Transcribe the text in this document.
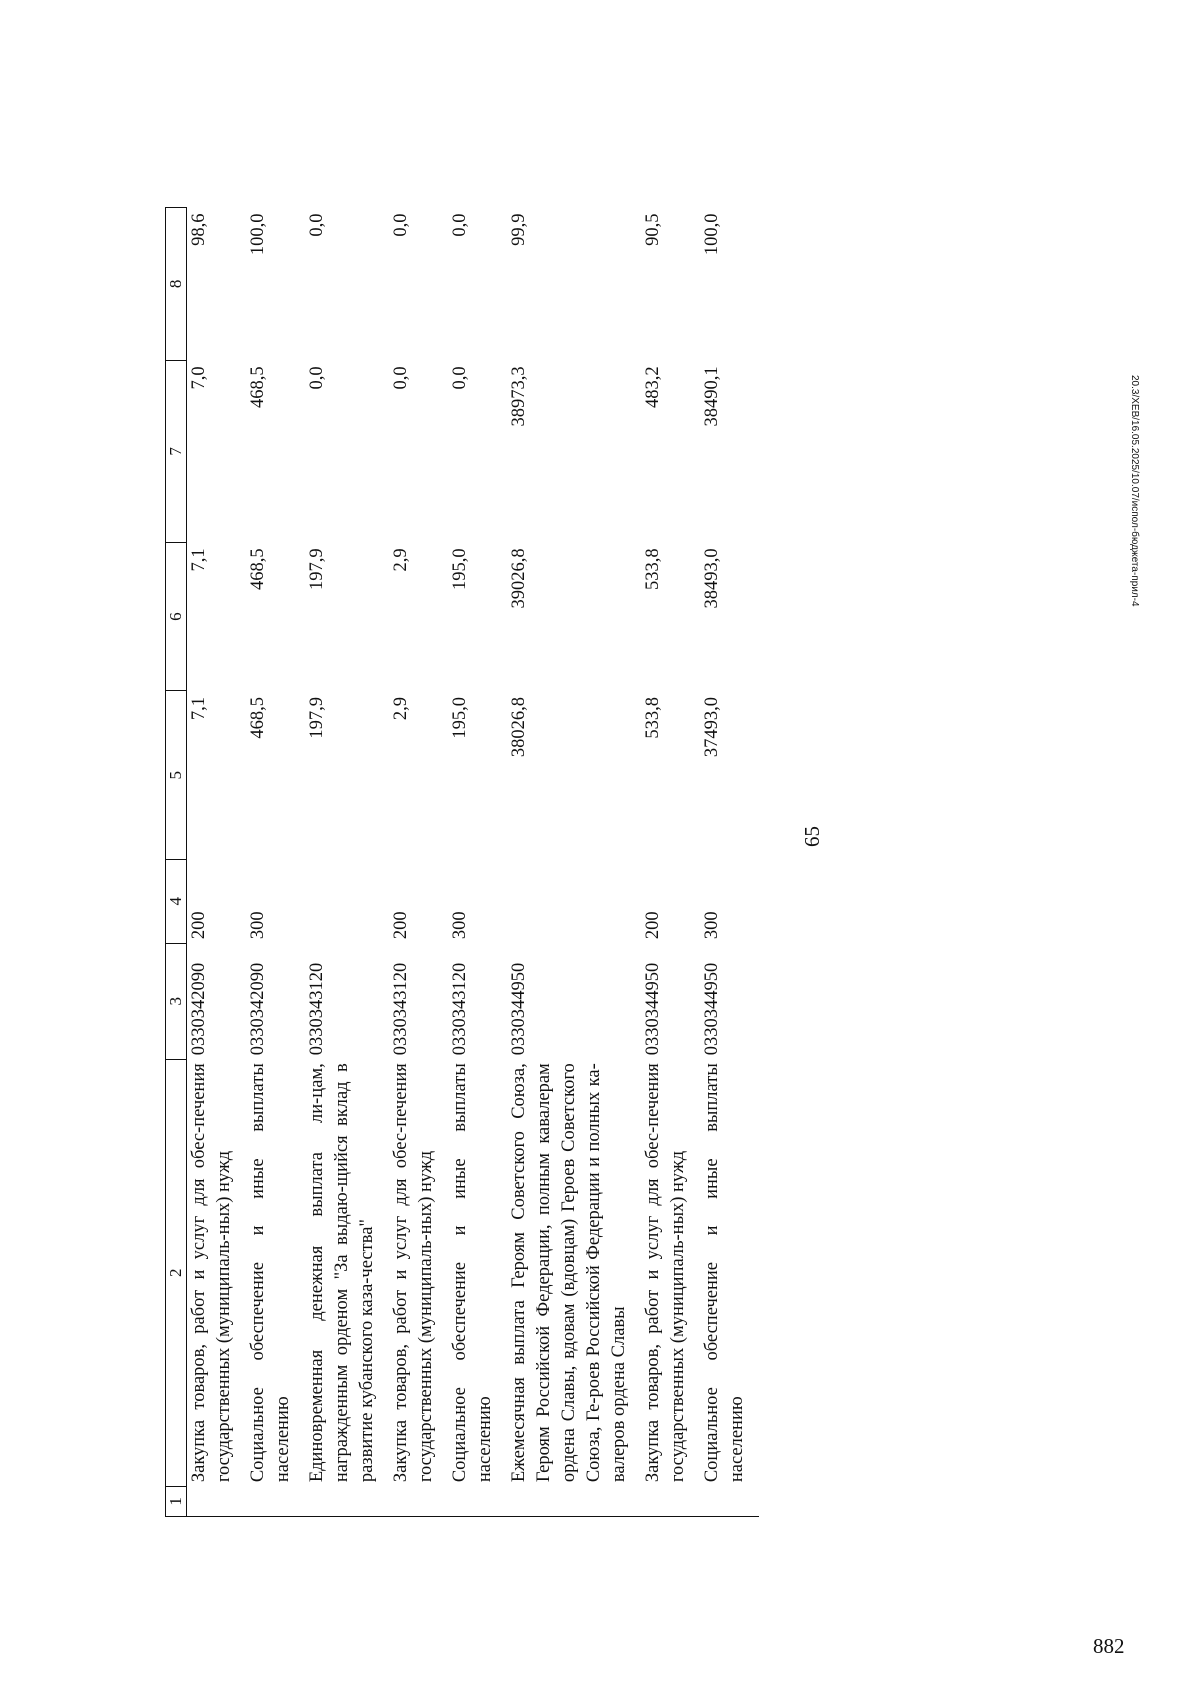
65
1	2	3	4	5	6	7	8
	Закупка товаров, работ и услуг для обес-печения государственных (муниципаль-ных) нужд	0330342090	200	7,1	7,1	7,0	98,6
	Социальное обеспечение и иные выплаты населению	0330342090	300	468,5	468,5	468,5	100,0
	Единовременная денежная выплата ли-цам, награжденным орденом "За выдаю-щийся вклад в развитие кубанского каза-чества"	0330343120		197,9	197,9	0,0	0,0
	Закупка товаров, работ и услуг для обес-печения государственных (муниципаль-ных) нужд	0330343120	200	2,9	2,9	0,0	0,0
	Социальное обеспечение и иные выплаты населению	0330343120	300	195,0	195,0	0,0	0,0
	Ежемесячная выплата Героям Советского Союза, Героям Российской Федерации, полным кавалерам ордена Славы, вдовам (вдовцам) Героев Советского Союза, Ге-роев Российской Федерации и полных ка-валеров ордена Славы	0330344950		38026,8	39026,8	38973,3	99,9
	Закупка товаров, работ и услуг для обес-печения государственных (муниципаль-ных) нужд	0330344950	200	533,8	533,8	483,2	90,5
	Социальное обеспечение и иные выплаты населению	0330344950	300	37493,0	38493,0	38490,1	100,0
20.3/ХЕВ/16.05.2025/10.07/испол-бюджета-прил-4
882
